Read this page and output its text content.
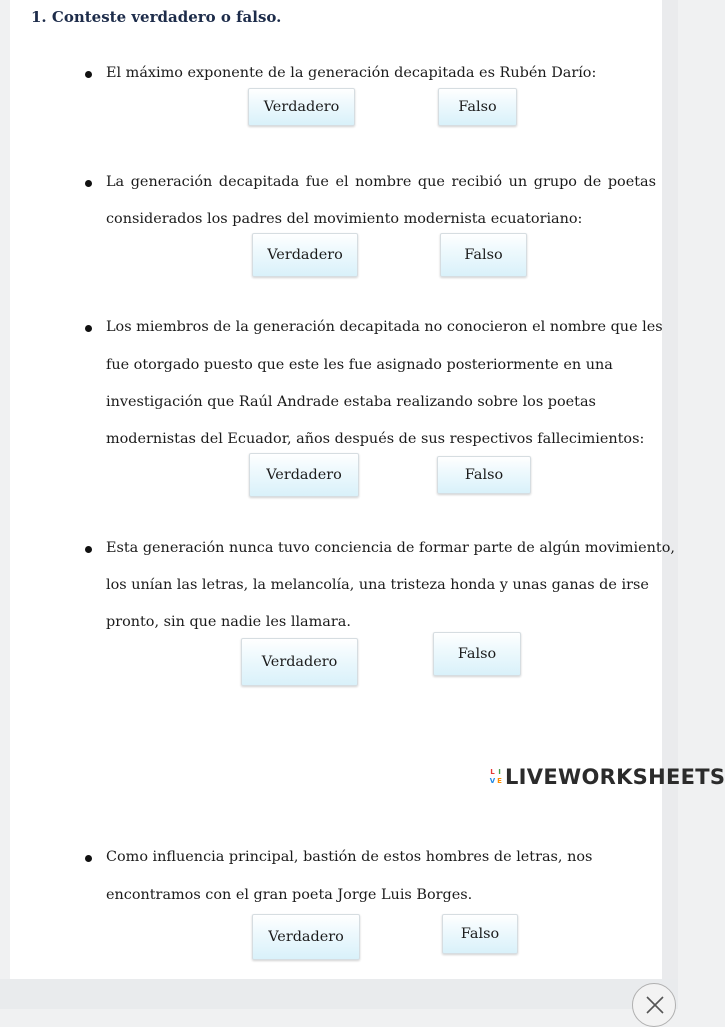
1. Conteste verdadero o falso.

El máximo exponente de la generación decapitada es Rubén Darío:

Verdadero	Falso

La generación decapitada fue el nombre que recibió un grupo de poetas

considerados los padres del movimiento modernista ecuatoriano:

Verdadero	Falso

Los miembros de la generación decapitada no conocieron el nombre que les

fue otorgado puesto que este les fue asignado posteriormente en una

investigación que Raúl Andrade estaba realizando sobre los poetas

modernistas del Ecuador, años después de sus respectivos fallecimientos:

Verdadero	Falso

Esta generación nunca tuvo conciencia de formar parte de algún movimiento,

los unían las letras, la melancolía, una tristeza honda y unas ganas de irse

pronto, sin que nadie les llamara.

Verdadero	Falso
L I
V E LIVEWORKSHEETS

Como influencia principal, bastión de estos hombres de letras, nos

encontramos con el gran poeta Jorge Luis Borges.

Verdadero	Falso
